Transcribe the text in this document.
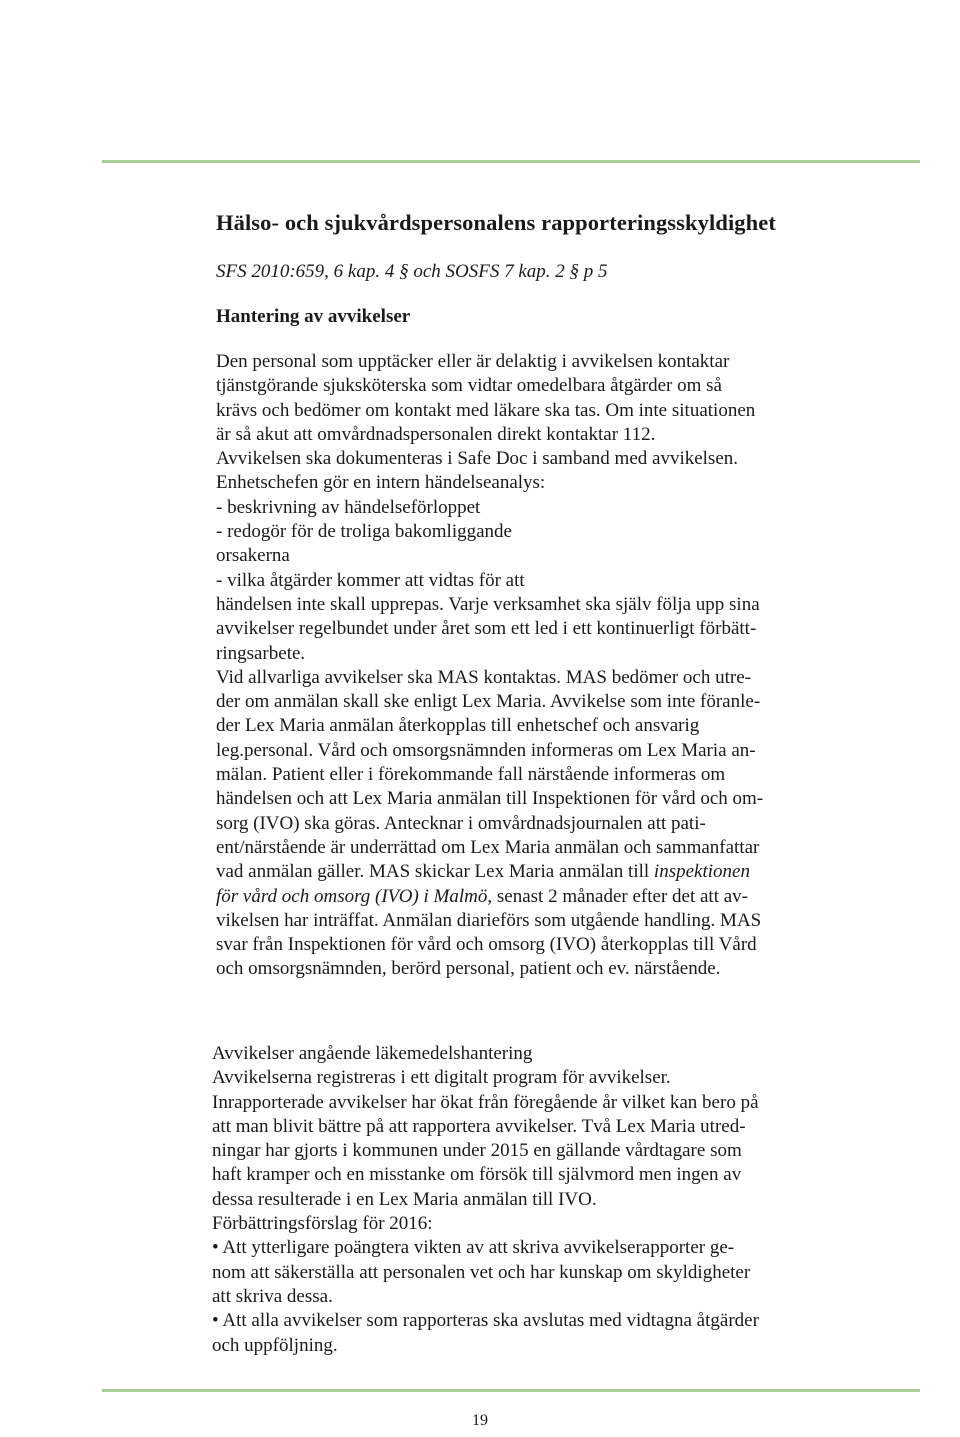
Hälso- och sjukvårdspersonalens rapporteringsskyldighet

SFS 2010:659, 6 kap. 4 § och SOSFS 7 kap. 2 § p 5

Hantering av avvikelser

Den personal som upptäcker eller är delaktig i avvikelsen kontaktar

tjänstgörande sjuksköterska som vidtar omedelbara åtgärder om så

krävs och bedömer om kontakt med läkare ska tas. Om inte situationen

är så akut att omvårdnadspersonalen direkt kontaktar 112.

Avvikelsen ska dokumenteras i Safe Doc i samband med avvikelsen.

Enhetschefen gör en intern händelseanalys:

- beskrivning av händelseförloppet

- redogör för de troliga bakomliggande

orsakerna

- vilka åtgärder kommer att vidtas för att

händelsen inte skall upprepas. Varje verksamhet ska själv följa upp sina

avvikelser regelbundet under året som ett led i ett kontinuerligt förbätt-

ringsarbete.

Vid allvarliga avvikelser ska MAS kontaktas. MAS bedömer och utre-

der om anmälan skall ske enligt Lex Maria. Avvikelse som inte föranle-

der Lex Maria anmälan återkopplas till enhetschef och ansvarig

leg.personal. Vård och omsorgsnämnden informeras om Lex Maria an-

mälan. Patient eller i förekommande fall närstående informeras om

händelsen och att Lex Maria anmälan till Inspektionen för vård och om-

sorg (IVO) ska göras. Antecknar i omvårdnadsjournalen att pati-

ent/närstående är underrättad om Lex Maria anmälan och sammanfattar

vad anmälan gäller. MAS skickar Lex Maria anmälan till inspektionen

för vård och omsorg (IVO) i Malmö, senast 2 månader efter det att av-

vikelsen har inträffat. Anmälan diarieförs som utgående handling. MAS

svar från Inspektionen för vård och omsorg (IVO) återkopplas till Vård

och omsorgsnämnden, berörd personal, patient och ev. närstående.

Avvikelser angående läkemedelshantering

Avvikelserna registreras i ett digitalt program för avvikelser.

Inrapporterade avvikelser har ökat från föregående år vilket kan bero på

att man blivit bättre på att rapportera avvikelser. Två Lex Maria utred-

ningar har gjorts i kommunen under 2015 en gällande vårdtagare som

haft kramper och en misstanke om försök till självmord men ingen av

dessa resulterade i en Lex Maria anmälan till IVO.

Förbättringsförslag för 2016:

• Att ytterligare poängtera vikten av att skriva avvikelserapporter ge-

nom att säkerställa att personalen vet och har kunskap om skyldigheter

att skriva dessa.

• Att alla avvikelser som rapporteras ska avslutas med vidtagna åtgärder

och uppföljning.

19
